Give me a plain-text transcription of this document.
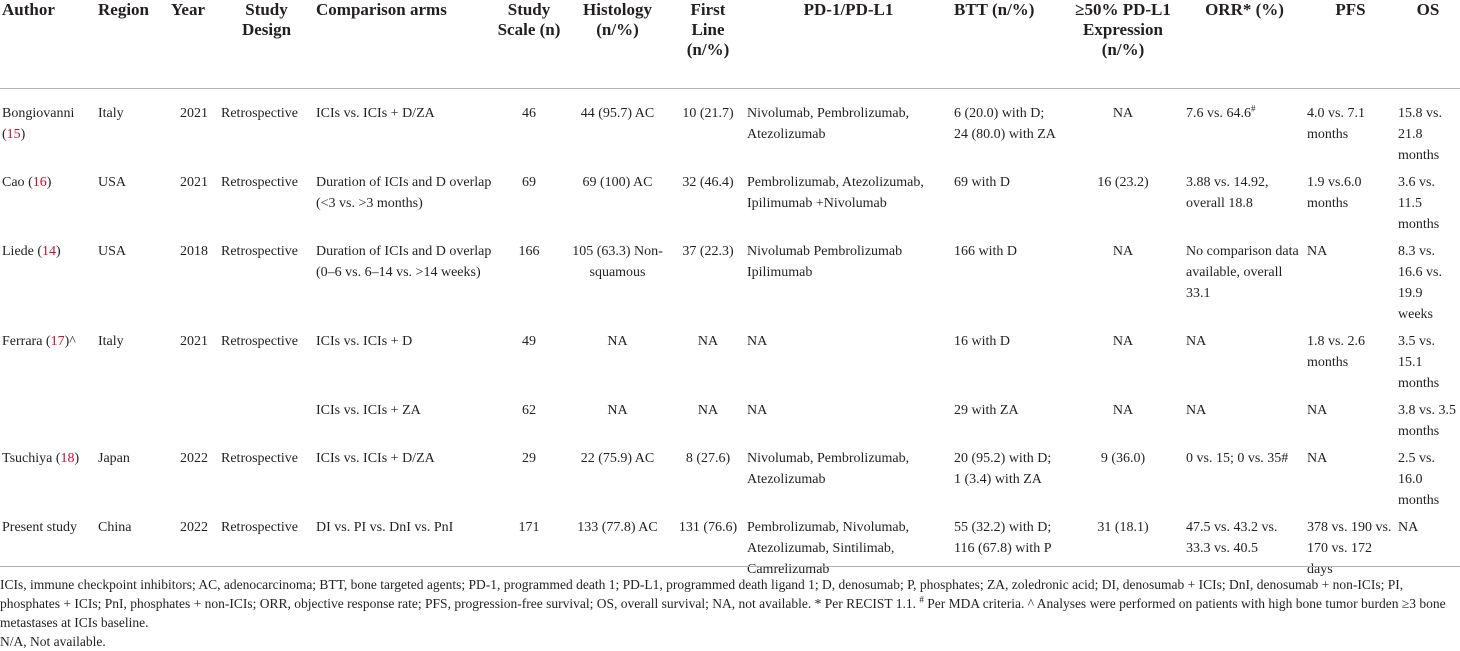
Author	Region	Year	Study Design	Comparison arms	Study Scale (n)	Histology (n/%)	First Line (n/%)	PD-1/PD-L1	BTT (n/%)	≥50% PD-L1 Expression (n/%)	ORR* (%)	PFS	OS
Bongiovanni (15)	Italy	2021	Retrospective	ICIs vs. ICIs + D/ZA	46	44 (95.7) AC	10 (21.7)	Nivolumab, Pembrolizumab, Atezolizumab	6 (20.0) with D; 24 (80.0) with ZA	NA	7.6 vs. 64.6#	4.0 vs. 7.1 months	15.8 vs. 21.8 months
Cao (16)	USA	2021	Retrospective	Duration of ICIs and D overlap (<3 vs. >3 months)	69	69 (100) AC	32 (46.4)	Pembrolizumab, Atezolizumab, Ipilimumab +Nivolumab	69 with D	16 (23.2)	3.88 vs. 14.92, overall 18.8	1.9 vs.6.0 months	3.6 vs. 11.5 months
Liede (14)	USA	2018	Retrospective	Duration of ICIs and D overlap (0–6 vs. 6–14 vs. >14 weeks)	166	105 (63.3) Non-squamous	37 (22.3)	Nivolumab Pembrolizumab Ipilimumab	166 with D	NA	No comparison data available, overall 33.1	NA	8.3 vs. 16.6 vs. 19.9 weeks
Ferrara (17)^	Italy	2021	Retrospective	ICIs vs. ICIs + D	49	NA	NA	NA	16 with D	NA	NA	1.8 vs. 2.6 months	3.5 vs. 15.1 months
				ICIs vs. ICIs + ZA	62	NA	NA	NA	29 with ZA	NA	NA	NA	3.8 vs. 3.5 months
Tsuchiya (18)	Japan	2022	Retrospective	ICIs vs. ICIs + D/ZA	29	22 (75.9) AC	8 (27.6)	Nivolumab, Pembrolizumab, Atezolizumab	20 (95.2) with D; 1 (3.4) with ZA	9 (36.0)	0 vs. 15; 0 vs. 35#	NA	2.5 vs. 16.0 months
Present study	China	2022	Retrospective	DI vs. PI vs. DnI vs. PnI	171	133 (77.8) AC	131 (76.6)	Pembrolizumab, Nivolumab, Atezolizumab, Sintilimab, Camrelizumab	55 (32.2) with D; 116 (67.8) with P	31 (18.1)	47.5 vs. 43.2 vs. 33.3 vs. 40.5	378 vs. 190 vs. 170 vs. 172 days	NA

ICIs, immune checkpoint inhibitors; AC, adenocarcinoma; BTT, bone targeted agents; PD-1, programmed death 1; PD-L1, programmed death ligand 1; D, denosumab; P, phosphates; ZA, zoledronic acid; DI, denosumab + ICIs; DnI, denosumab + non-ICIs; PI, phosphates + ICIs; PnI, phosphates + non-ICIs; ORR, objective response rate; PFS, progression-free survival; OS, overall survival; NA, not available. * Per RECIST 1.1. # Per MDA criteria. ^ Analyses were performed on patients with high bone tumor burden ≥3 bone metastases at ICIs baseline.

N/A, Not available.
